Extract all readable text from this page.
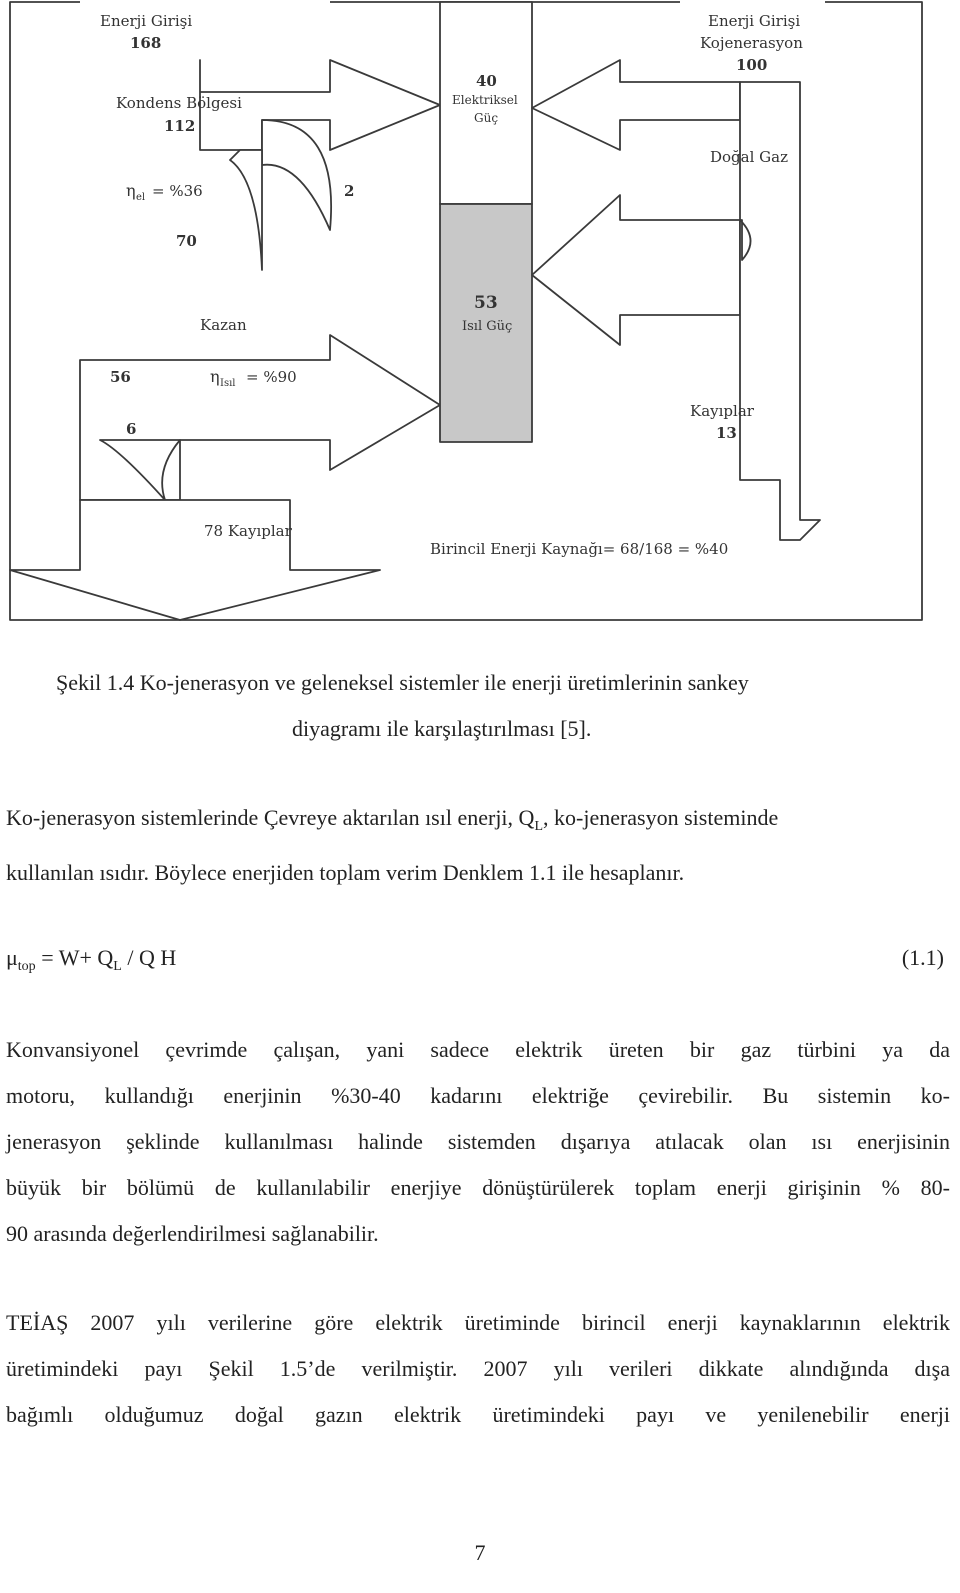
Enerji Girişi
168
Enerji Girişi
Kojenerasyon
100
Kondens Bölgesi
112
η el = %36	2
70
40
Elektriksel
Güç
Doğal Gaz
53
Isıl Güç
Kazan
56	η Isıl = %90
6
Kayıplar
13
78 Kayıplar
Birincil Enerji Kaynağı= 68/168 = %40
Şekil 1.4 Ko-jenerasyon ve geleneksel sistemler ile enerji üretimlerinin sankey
diyagramı ile karşılaştırılması [5].
Ko-jenerasyon sistemlerinde Çevreye aktarılan ısıl enerji, $Q_L$, ko-jenerasyon sisteminde
kullanılan ısıdır. Böylece enerjiden toplam verim Denklem 1.1 ile hesaplanır.
$\mu_{top} = W+ Q_L / Q$ H	(1.1)
Konvansiyonel çevrimde çalışan, yani sadece elektrik üreten bir gaz türbini ya da
motoru, kullandığı enerjinin %30-40 kadarını elektriğe çevirebilir. Bu sistemin ko-
jenerasyon şeklinde kullanılması halinde sistemden dışarıya atılacak olan ısı enerjisinin
büyük bir bölümü de kullanılabilir enerjiye dönüştürülerek toplam enerji girişinin % 80-
90 arasında değerlendirilmesi sağlanabilir.
TEİAŞ 2007 yılı verilerine göre elektrik üretiminde birincil enerji kaynaklarının elektrik
üretimindeki payı Şekil 1.5’de verilmiştir. 2007 yılı verileri dikkate alındığında dışa
bağımlı olduğumuz doğal gazın elektrik üretimindeki payı ve yenilenebilir enerji
7
